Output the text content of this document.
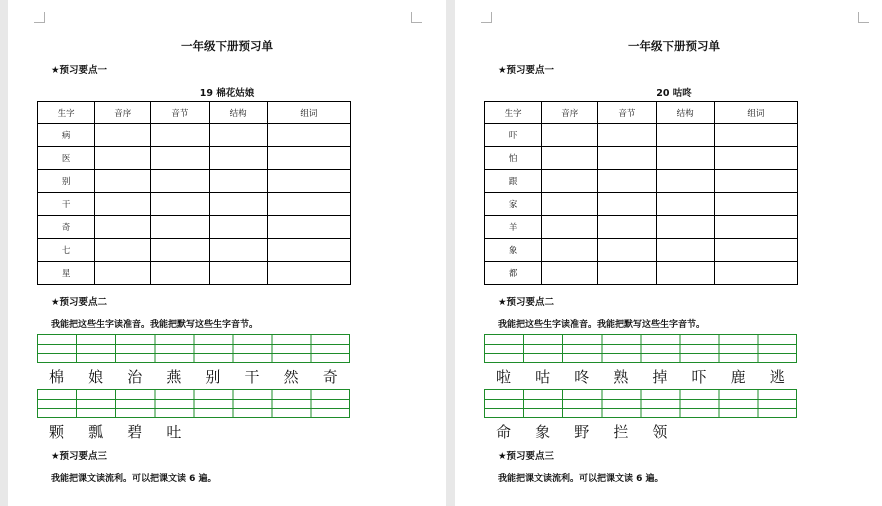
一年级下册预习单
★预习要点一
19 棉花姑娘
生字	音序	音节	结构	组词
病				
医				
别				
干				
奇				
七				
星				
★预习要点二
我能把这些生字读准音。我能把默写这些生字音节。
棉	娘	治	燕	别	干	然	奇
颗	瓢	碧	吐
★预习要点三
我能把课文读流利。可以把课文读 6 遍。
一年级下册预习单
★预习要点一
20 咕咚
生字	音序	音节	结构	组词
吓				
怕				
跟				
家				
羊				
象				
都				
★预习要点二
我能把这些生字读准音。我能把默写这些生字音节。
啦	咕	咚	熟	掉	吓	鹿	逃
命	象	野	拦	领
★预习要点三
我能把课文读流利。可以把课文读 6 遍。
